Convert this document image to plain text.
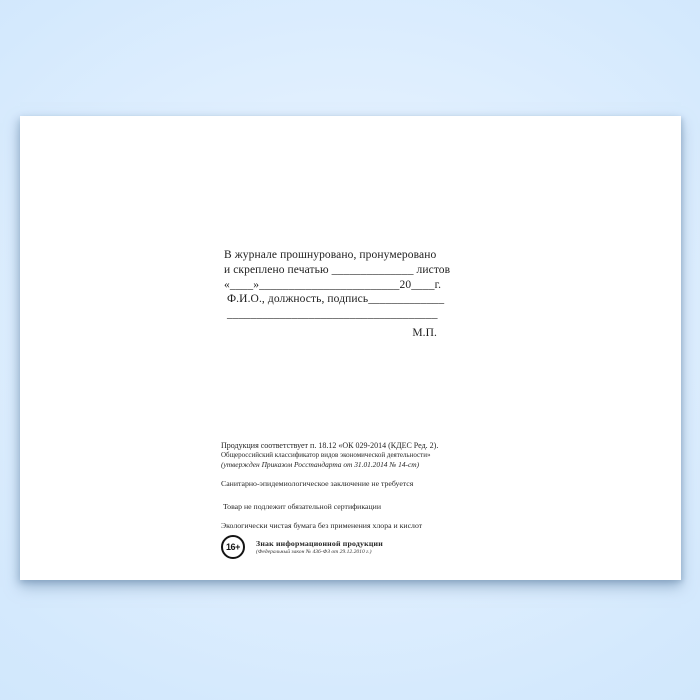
В журнале прошнуровано, пронумеровано
и скреплено печатью ______________ листов
«____»________________________20____г.
Ф.И.О., должность, подпись_____________
____________________________________
М.П.
Продукция соответствует п. 18.12 «ОК 029-2014 (КДЕС Ред. 2).
Общероссийский классификатор видов экономической деятельности»
(утвержден Приказом Росстандарта от 31.01.2014 № 14-ст)
Санитарно-эпидемиологическое заключение не требуется
Товар не подлежит обязательной сертификации
Экологически чистая бумага без применения хлора и кислот
16+	Знак информационной продукции
(Федеральный закон № 436-ФЗ от 29.12.2010 г.)
